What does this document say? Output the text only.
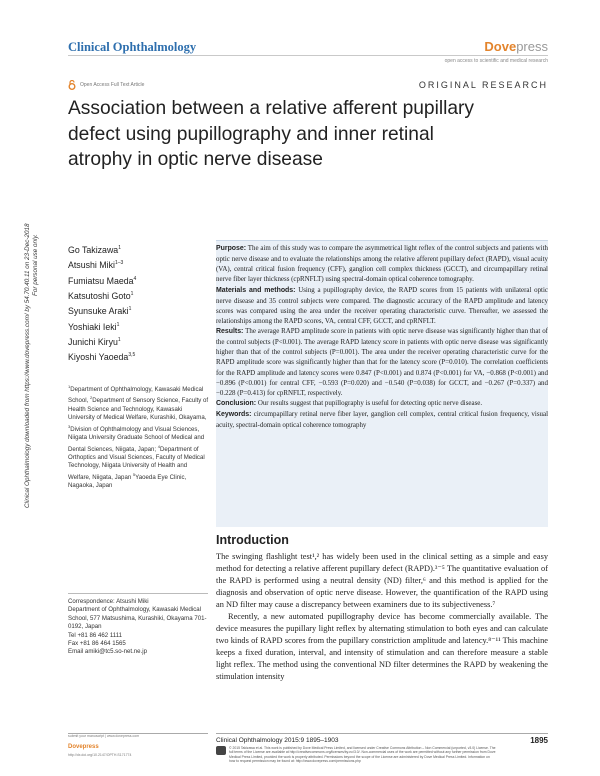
Clinical Ophthalmology	Dovepress
open access to scientific and medical research
Open Access Full Text Article	ORIGINAL RESEARCH
Association between a relative afferent pupillary
defect using pupillography and inner retinal
atrophy in optic nerve disease
Clinical Ophthalmology downloaded from https://www.dovepress.com/ by 54.70.40.11 on 23-Dec-2018 For personal use only.	Go Takizawa$^1$
Atsushi Miki$^{1-3}$
Fumiatsu Maeda$^4$
Katsutoshi Goto$^1$
Syunsuke Araki$^1$
Yoshiaki Ieki$^1$
Junichi Kiryu$^1$
Kiyoshi Yaoeda$^{3,5}$
$^1$Department of Ophthalmology, Kawasaki Medical School, $^2$Department of Sensory Science, Faculty of Health Science and Technology, Kawasaki University of Medical Welfare, Kurashiki, Okayama, $^3$Division of Ophthalmology and Visual Sciences, Niigata University Graduate School of Medical and Dental Sciences, Niigata, Japan; $^4$Department of Orthoptics and Visual Sciences, Faculty of Medical Technology, Niigata University of Health and Welfare, Niigata, Japan $^5$Yaoeda Eye Clinic, Nagaoka, Japan
Correspondence: Atsushi Miki
Department of Ophthalmology, Kawasaki Medical School, 577 Matsushima, Kurashiki, Okayama 701-0192, Japan
Tel +81 86 462 1111
Fax +81 86 464 1565
Email amiki@tc5.so-net.ne.jp

Purpose: The aim of this study was to compare the asymmetrical light reflex of the control subjects and patients with optic nerve disease and to evaluate the relationships among the relative afferent pupillary defect (RAPD), visual acuity (VA), central critical fusion frequency (CFF), ganglion cell complex thickness (GCCT), and circumpapillary retinal nerve fiber layer thickness (cpRNFLT) using spectral-domain optical coherence tomography.

Materials and methods: Using a pupillography device, the RAPD scores from 15 patients with unilateral optic nerve disease and 35 control subjects were compared. The diagnostic accuracy of the RAPD amplitude and latency scores was compared using the area under the receiver operating characteristic curve. Thereafter, we assessed the relationships among the RAPD scores, VA, central CFF, GCCT, and cpRNFLT.

Results: The average RAPD amplitude score in patients with optic nerve disease was significantly higher than that of the control subjects (P<0.001). The average RAPD latency score in patients with optic nerve disease was significantly higher than that of the control subjects (P=0.001). The area under the receiver operating characteristic curve for the RAPD amplitude score was significantly higher than that for the latency score (P=0.010). The correlation coefficients for the RAPD amplitude and latency scores were 0.847 (P<0.001) and 0.874 (P<0.001) for VA, −0.868 (P<0.001) and −0.896 (P<0.001) for central CFF, −0.593 (P=0.020) and −0.540 (P=0.038) for GCCT, and −0.267 (P=0.337) and −0.228 (P=0.413) for cpRNFLT, respectively.

Conclusion: Our results suggest that pupillography is useful for detecting optic nerve disease.

Keywords: circumpapillary retinal nerve fiber layer, ganglion cell complex, central critical fusion frequency, visual acuity, spectral-domain optical coherence tomography

Introduction

The swinging flashlight test¹,² has widely been used in the clinical setting as a simple and easy method for detecting a relative afferent pupillary defect (RAPD).³⁻⁵ The quantitative evaluation of the RAPD is performed using a neutral density (ND) filter,⁶ and this method is applied for the diagnosis and observation of optic nerve disease. However, the quantification of the RAPD using an ND filter may cause a discrepancy between examiners due to its subjectiveness.⁷

Recently, a new automated pupillography device has become commercially available. The device measures the pupillary light reflex by alternating stimulation to both eyes and can calculate two kinds of RAPD scores from the pupillary constriction amplitude and latency.⁸⁻¹¹ This machine keeps a fixed duration, interval, and intensity of stimulation and can therefore measure a stable light reflex. The method using the conventional ND filter determines the RAPD by weakening the stimulation intensity

submit your manuscript | www.dovepress.com
Dovepress
http://dx.doi.org/10.2147/OPTH.S171774
Clinical Ophthalmology 2015:9 1895–1903	1895
© 2015 Takizawa et al. This work is published by Dove Medical Press Limited, and licensed under Creative Commons Attribution – Non Commercial (unported, v3.0) License. The full terms of the License are available at http://creativecommons.org/licenses/by-nc/3.0/. Non-commercial uses of the work are permitted without any further permission from Dove Medical Press Limited, provided the work is properly attributed. Permissions beyond the scope of the License are administered by Dove Medical Press Limited. Information on how to request permission may be found at: http://www.dovepress.com/permissions.php
